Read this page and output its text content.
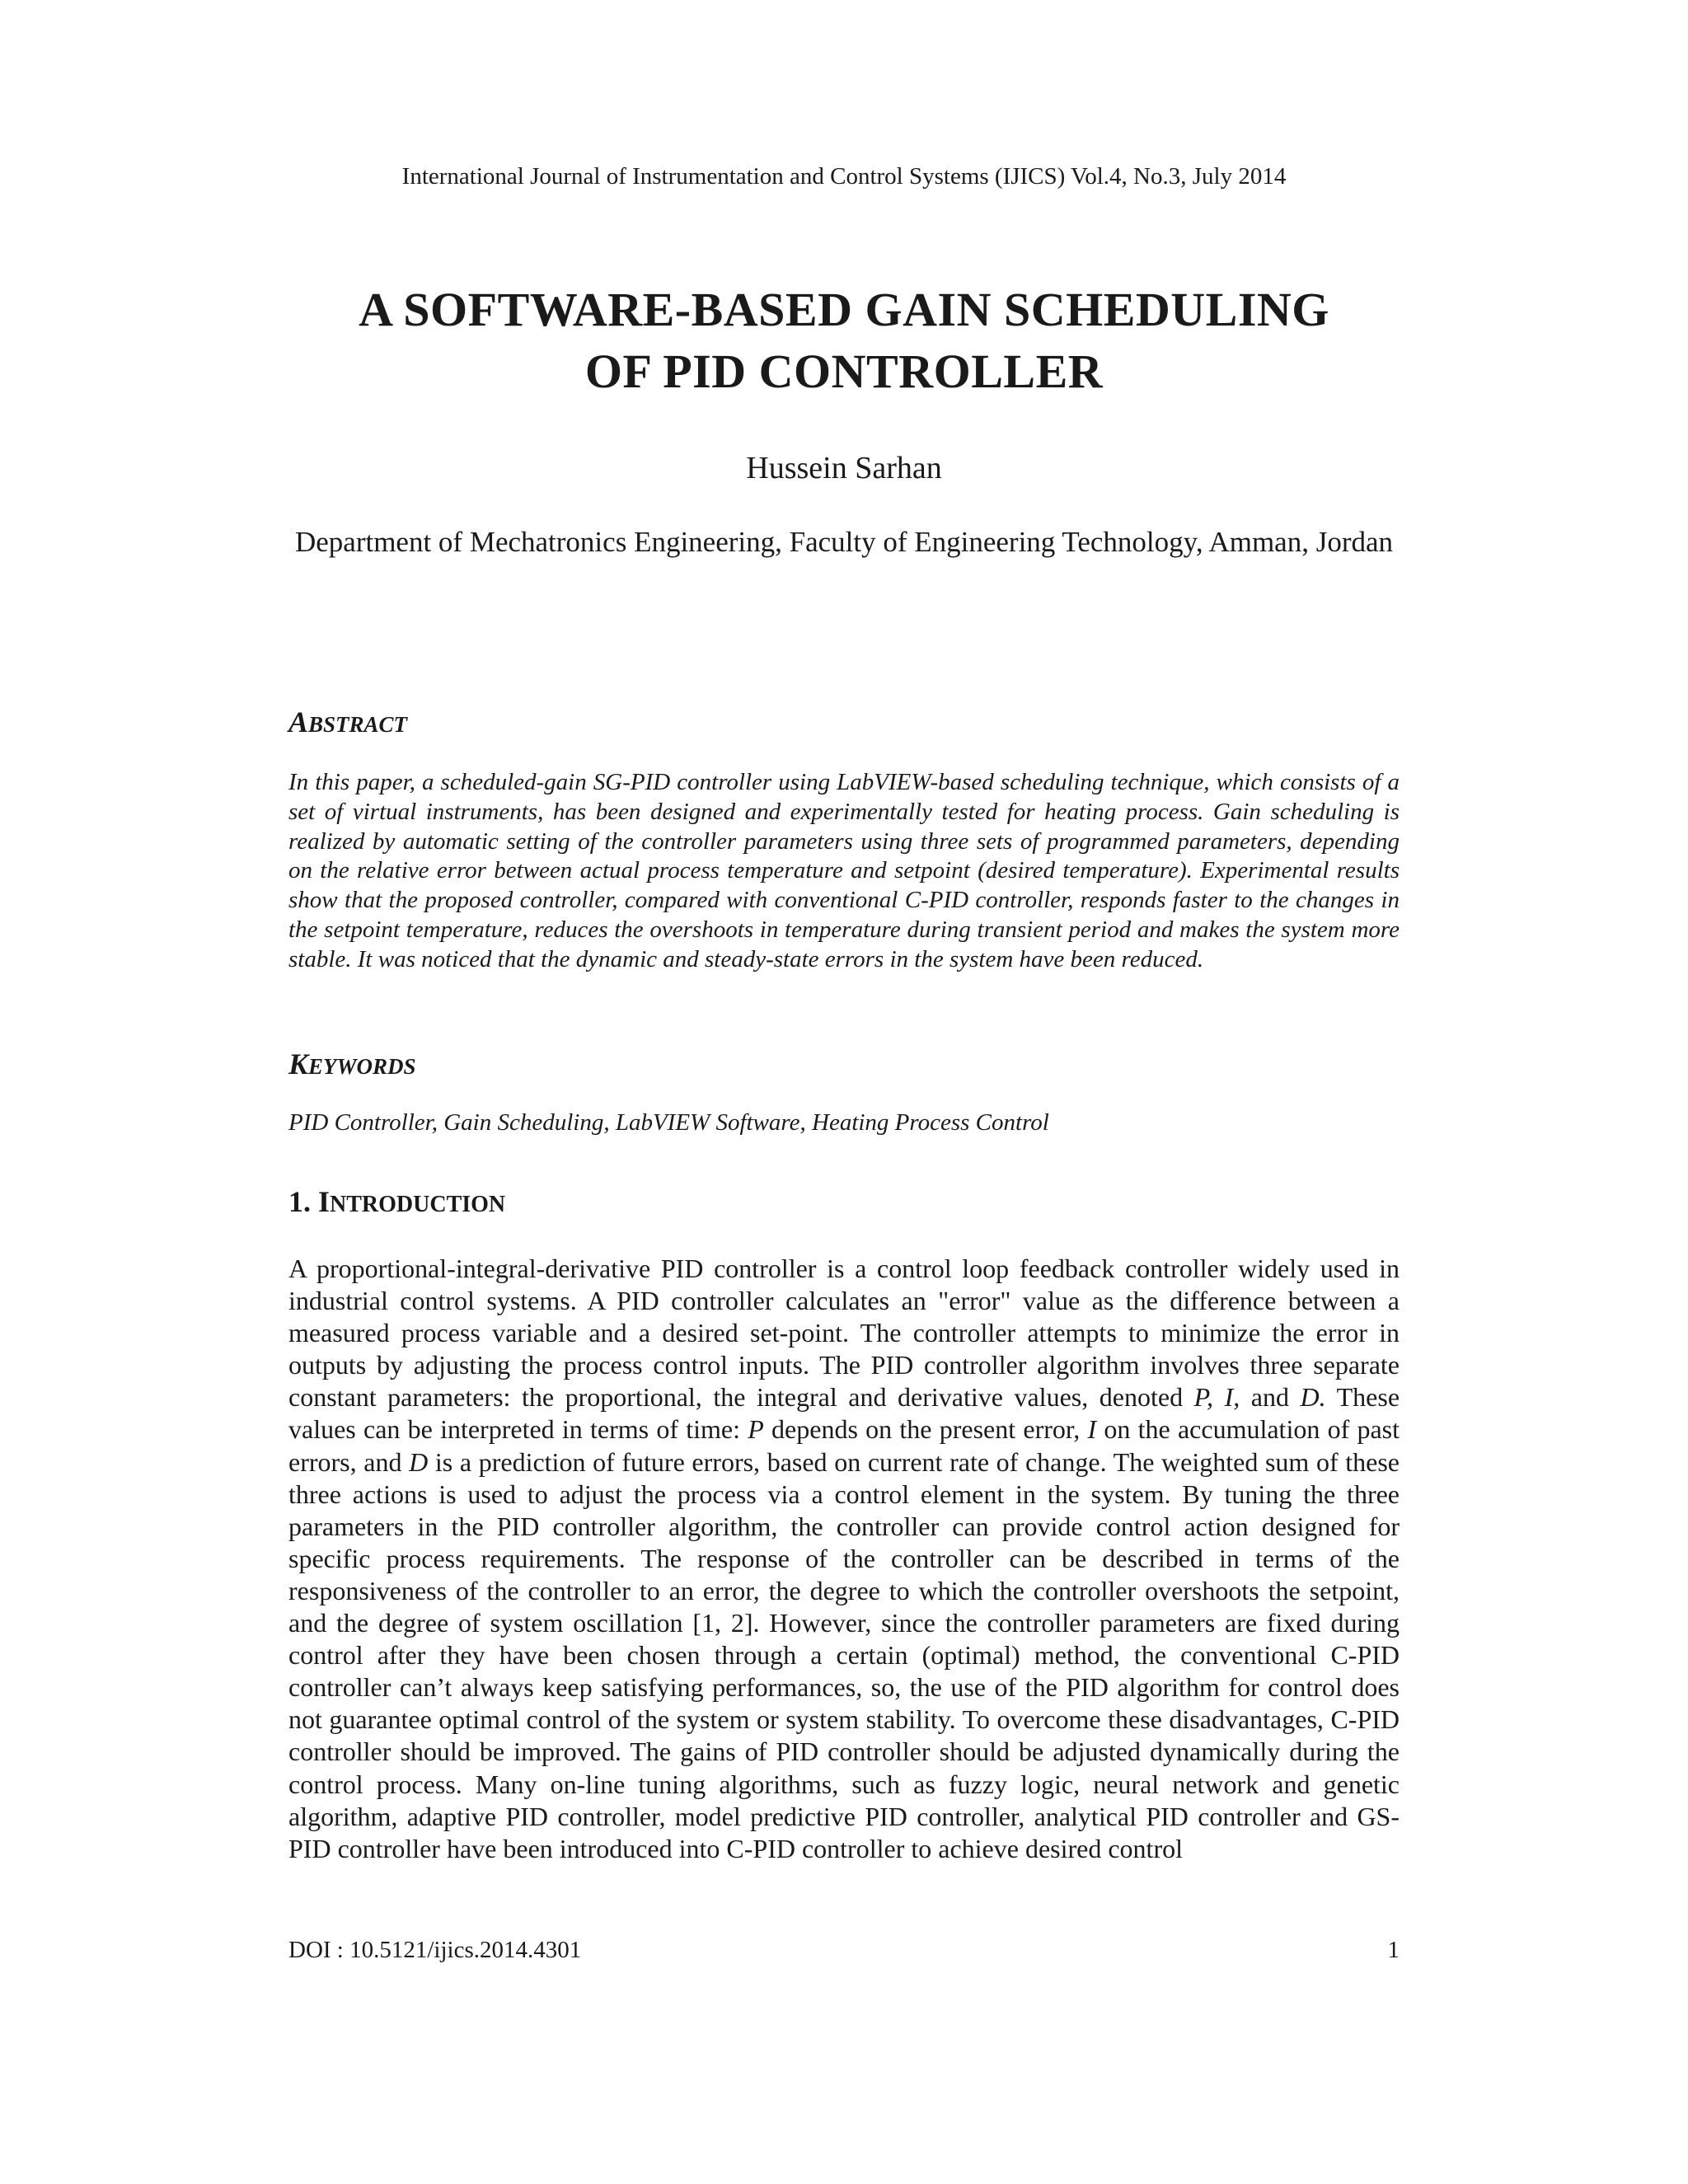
International Journal of Instrumentation and Control Systems (IJICS) Vol.4, No.3, July 2014
A SOFTWARE-BASED GAIN SCHEDULING
OF PID CONTROLLER
Hussein Sarhan
Department of Mechatronics Engineering, Faculty of Engineering Technology, Amman, Jordan
ABSTRACT

In this paper, a scheduled-gain SG-PID controller using LabVIEW-based scheduling technique, which consists of a set of virtual instruments, has been designed and experimentally tested for heating process. Gain scheduling is realized by automatic setting of the controller parameters using three sets of programmed parameters, depending on the relative error between actual process temperature and setpoint (desired temperature). Experimental results show that the proposed controller, compared with conventional C-PID controller, responds faster to the changes in the setpoint temperature, reduces the overshoots in temperature during transient period and makes the system more stable. It was noticed that the dynamic and steady-state errors in the system have been reduced.

KEYWORDS

PID Controller, Gain Scheduling, LabVIEW Software, Heating Process Control

1. INTRODUCTION

A proportional-integral-derivative PID controller is a control loop feedback controller widely used in industrial control systems. A PID controller calculates an "error" value as the difference between a measured process variable and a desired set-point. The controller attempts to minimize the error in outputs by adjusting the process control inputs. The PID controller algorithm involves three separate constant parameters: the proportional, the integral and derivative values, denoted P, I, and D. These values can be interpreted in terms of time: P depends on the present error, I on the accumulation of past errors, and D is a prediction of future errors, based on current rate of change. The weighted sum of these three actions is used to adjust the process via a control element in the system. By tuning the three parameters in the PID controller algorithm, the controller can provide control action designed for specific process requirements. The response of the controller can be described in terms of the responsiveness of the controller to an error, the degree to which the controller overshoots the setpoint, and the degree of system oscillation [1, 2]. However, since the controller parameters are fixed during control after they have been chosen through a certain (optimal) method, the conventional C-PID controller can’t always keep satisfying performances, so, the use of the PID algorithm for control does not guarantee optimal control of the system or system stability. To overcome these disadvantages, C-PID controller should be improved. The gains of PID controller should be adjusted dynamically during the control process. Many on-line tuning algorithms, such as fuzzy logic, neural network and genetic algorithm, adaptive PID controller, model predictive PID controller, analytical PID controller and GS-PID controller have been introduced into C-PID controller to achieve desired control

DOI : 10.5121/ijics.2014.4301	1
